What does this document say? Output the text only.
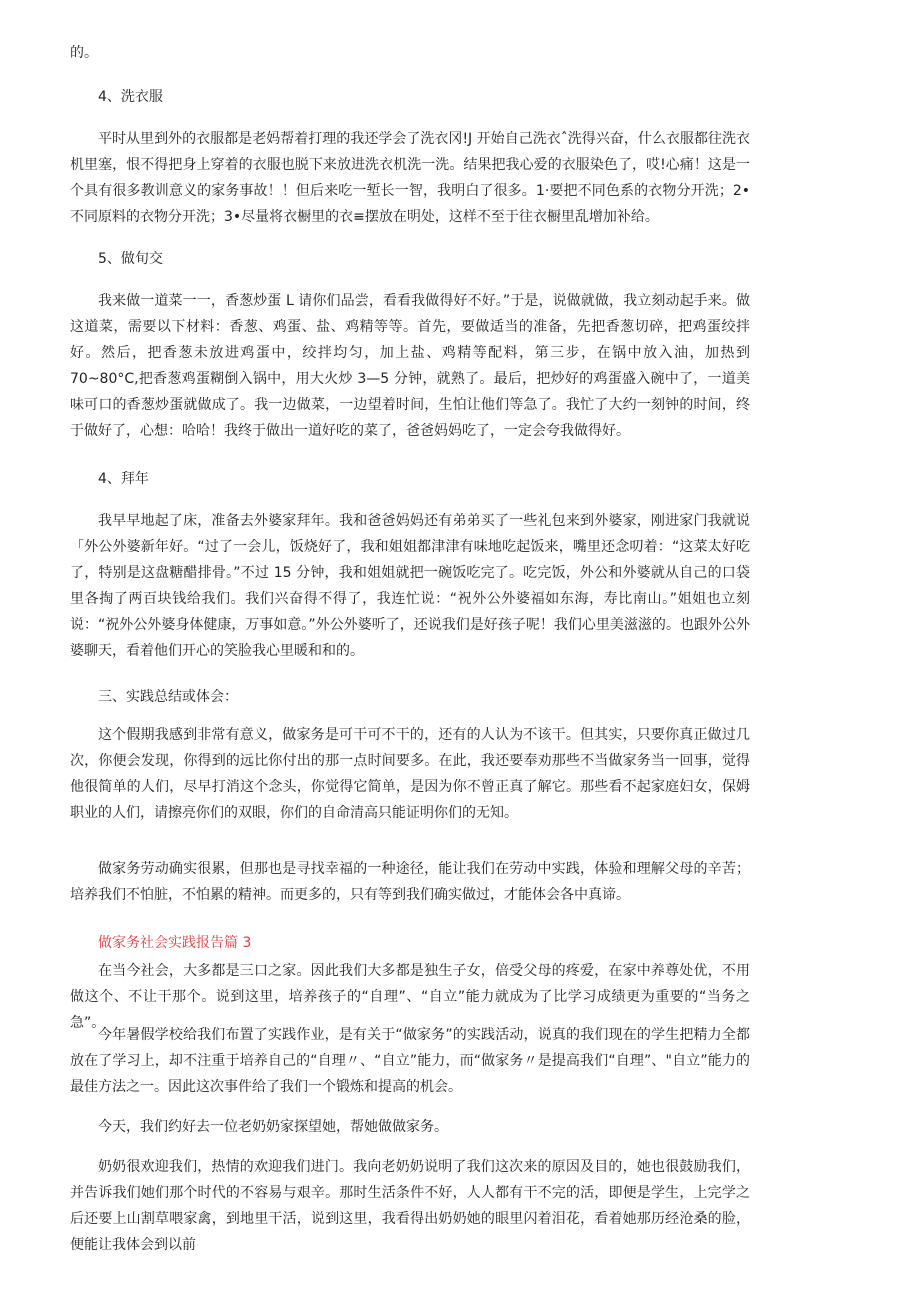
的。

4、洗衣服

平时从里到外的衣服都是老妈帮着打理的我还学会了洗衣冈!J 开始自己洗衣ˆ洗得兴奋，什么衣服都往洗衣机里塞，恨不得把身上穿着的衣服也脱下来放进洗衣机洗一洗。结果把我心爱的衣服染色了，哎!心痛！这是一个具有很多教训意义的家务事故！！但后来吃一堑长一智，我明白了很多。1·要把不同色系的衣物分开洗；2•不同原料的衣物分开洗；3•尽量将衣橱里的衣≡摆放在明处，这样不至于往衣橱里乱增加补给。

5、做旬交

我来做一道菜一一，香葱炒蛋 L 请你们品尝，看看我做得好不好。”于是，说做就做，我立刻动起手来。做这道菜，需要以下材料：香葱、鸡蛋、盐、鸡精等等。首先，要做适当的准备，先把香葱切碎，把鸡蛋绞拌好。然后，把香葱未放进鸡蛋中，绞拌均匀，加上盐、鸡精等配料，第三步，在锅中放入油，加热到 70~80°C,把香葱鸡蛋糊倒入锅中，用大火炒 3—5 分钟，就熟了。最后，把炒好的鸡蛋盛入碗中了，一道美味可口的香葱炒蛋就做成了。我一边做菜，一边望着时间，生怕让他们等急了。我忙了大约一刻钟的时间，终于做好了，心想：哈哈！我终于做出一道好吃的菜了，爸爸妈妈吃了，一定会夸我做得好。

4、拜年

我早早地起了床，准备去外婆家拜年。我和爸爸妈妈还有弟弟买了一些礼包来到外婆家，刚进家门我就说「外公外婆新年好。“过了一会儿，饭烧好了，我和姐姐都津津有味地吃起饭来，嘴里还念叨着：“这菜太好吃了，特别是这盘糖醋排骨。”不过 15 分钟，我和姐姐就把一碗饭吃完了。吃完饭，外公和外婆就从自己的口袋里各掏了两百块钱给我们。我们兴奋得不得了，我连忙说：“祝外公外婆福如东海，寿比南山。”姐姐也立刻说：“祝外公外婆身体健康，万事如意。”外公外婆听了，还说我们是好孩子呢！我们心里美滋滋的。也跟外公外婆聊天，看着他们开心的笑脸我心里暖和和的。

三、实践总结或体会：

这个假期我感到非常有意义，做家务是可干可不干的，还有的人认为不该干。但其实，只要你真正做过几次，你便会发现，你得到的远比你付出的那一点时间要多。在此，我还要奉劝那些不当做家务当一回事，觉得他很简单的人们，尽早打消这个念头，你觉得它简单，是因为你不曾正真了解它。那些看不起家庭妇女，保姆职业的人们，请擦亮你们的双眼，你们的自命清高只能证明你们的无知。

做家务劳动确实很累，但那也是寻找幸福的一种途径，能让我们在劳动中实践，体验和理解父母的辛苦；培养我们不怕脏，不怕累的精神。而更多的，只有等到我们确实做过，才能体会各中真谛。

做家务社会实践报告篇 3

在当今社会，大多都是三口之家。因此我们大多都是独生子女，倍受父母的疼爱，在家中养尊处优，不用做这个、不让干那个。说到这里，培养孩子的“自理”、“自立”能力就成为了比学习成绩更为重要的“当务之急”。

今年暑假学校给我们布置了实践作业，是有关于“做家务”的实践活动，说真的我们现在的学生把精力全都放在了学习上，却不注重于培养自己的“自理〃、“自立”能力，而“做家务〃是提高我们“自理”、"自立”能力的最佳方法之一。因此这次事件给了我们一个锻炼和提高的机会。

今天，我们约好去一位老奶奶家探望她，帮她做做家务。

奶奶很欢迎我们，热情的欢迎我们进门。我向老奶奶说明了我们这次来的原因及目的，她也很鼓励我们，并告诉我们她们那个时代的不容易与艰辛。那时生活条件不好，人人都有干不完的活，即便是学生，上完学之后还要上山割草喂家禽，到地里干活，说到这里，我看得出奶奶她的眼里闪着泪花，看着她那历经沧桑的脸，便能让我体会到以前
